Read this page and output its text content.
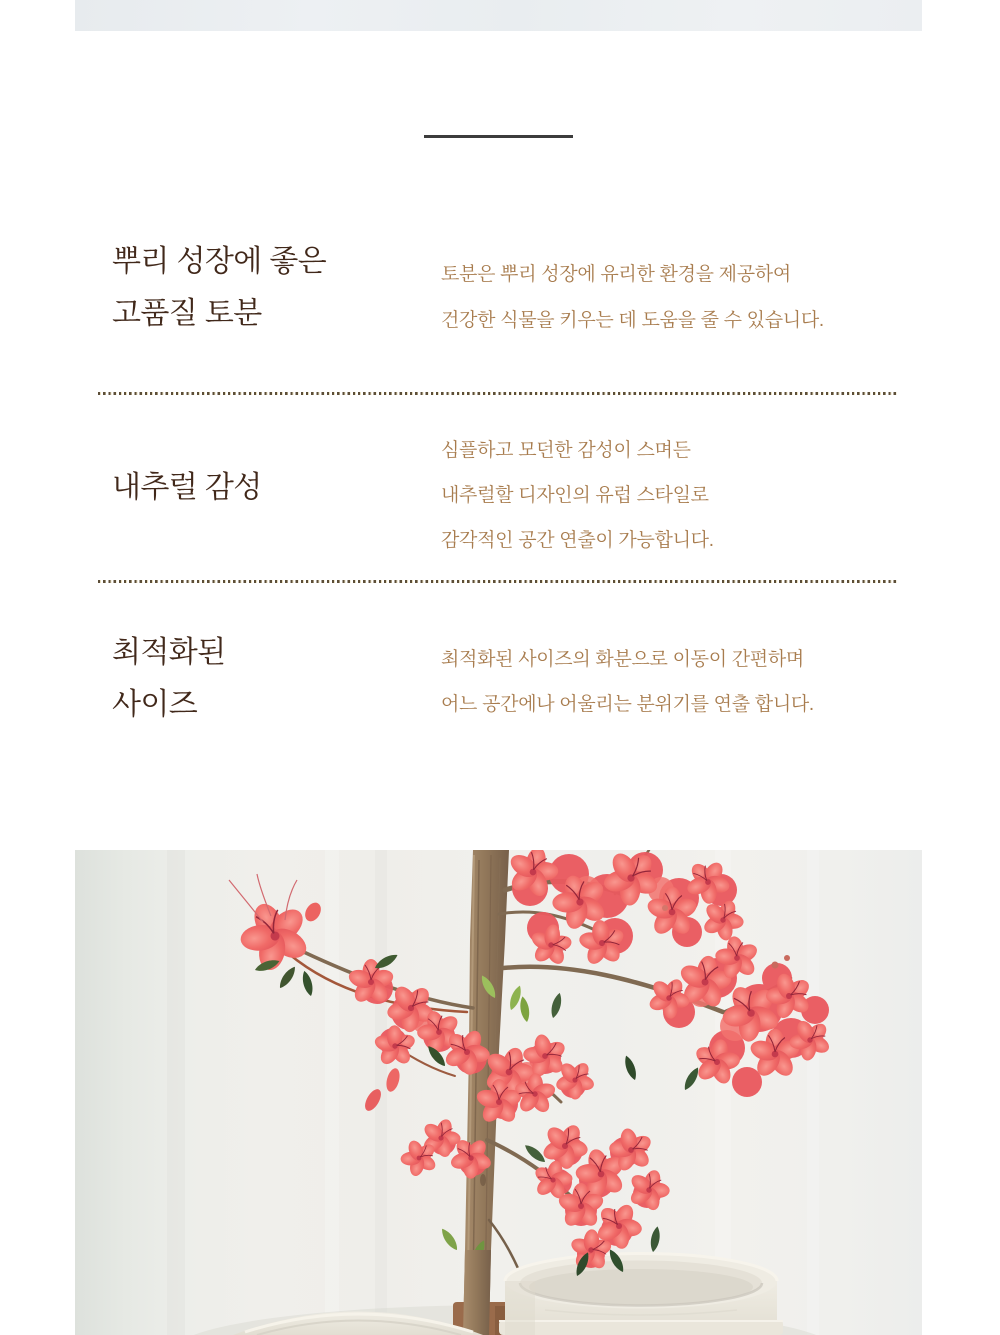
뿌리 성장에 좋은
고품질 토분

토분은 뿌리 성장에 유리한 환경을 제공하여
건강한 식물을 키우는 데 도움을 줄 수 있습니다.

내추럴 감성

심플하고 모던한 감성이 스며든
내추럴할 디자인의 유럽 스타일로
감각적인 공간 연출이 가능합니다.

최적화된
사이즈

최적화된 사이즈의 화분으로 이동이 간편하며
어느 공간에나 어울리는 분위기를 연출 합니다.
